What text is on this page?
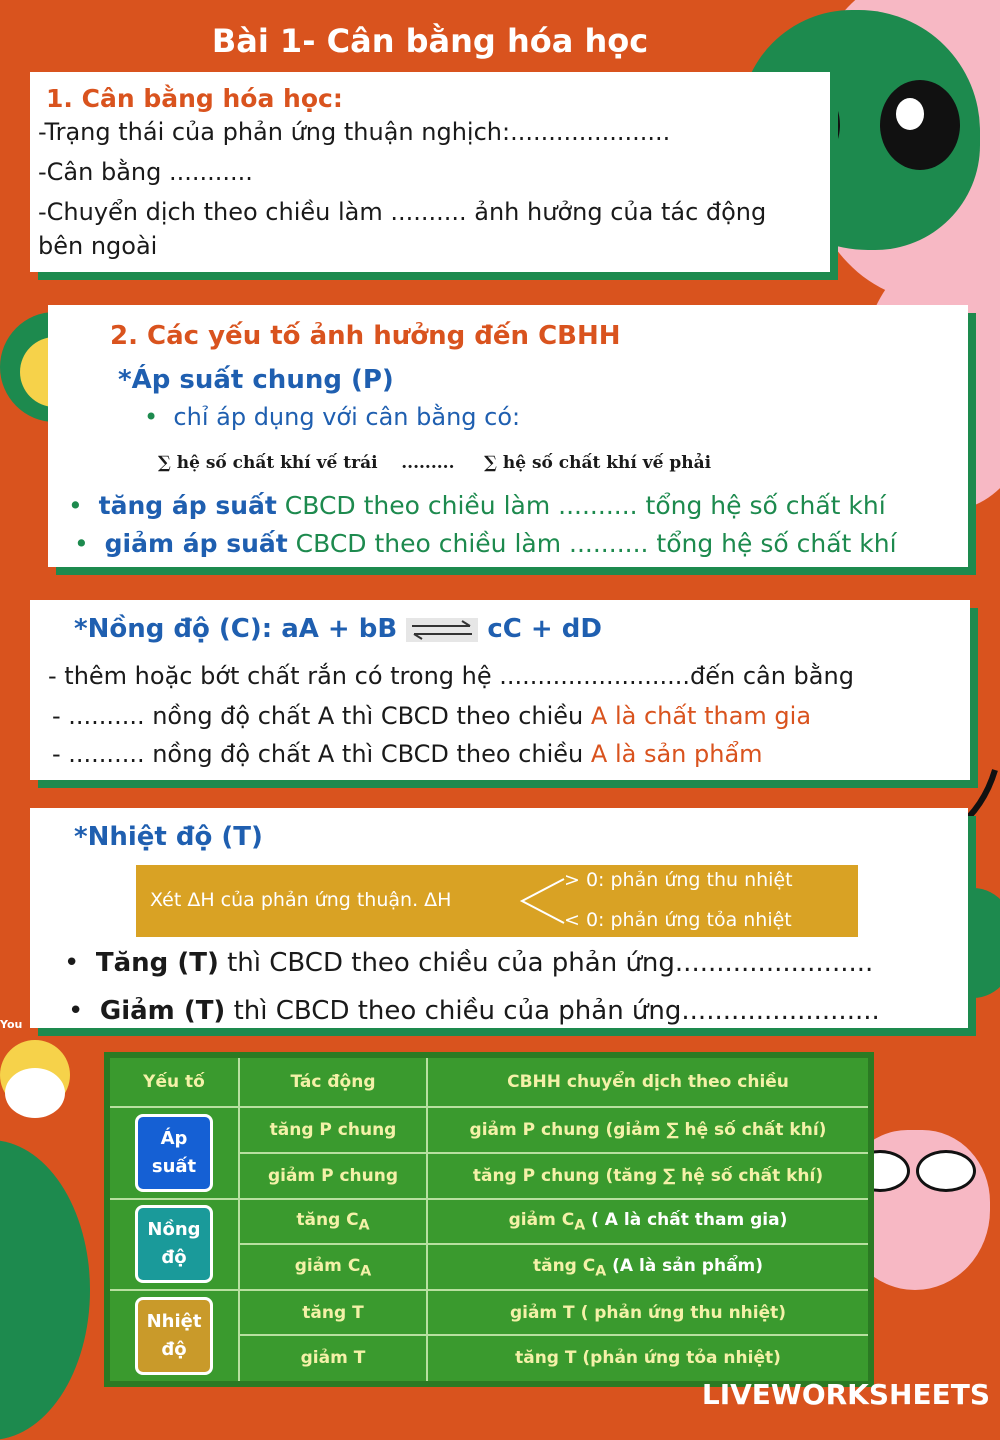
You
Bài 1- Cân bằng hóa học
1. Cân bằng hóa học:
-Trạng thái của phản ứng thuận nghịch:.....................
-Cân bằng ...........
-Chuyển dịch theo chiều làm .......... ảnh hưởng của tác động
bên ngoài
2. Các yếu tố ảnh hưởng đến CBHH
*Áp suất chung (P)
• chỉ áp dụng với cân bằng có:
∑ hệ số chất khí vế trái ......... ∑ hệ số chất khí vế phải
•  tăng áp suất CBCD theo chiều làm .......... tổng hệ số chất khí
•  giảm áp suất CBCD theo chiều làm .......... tổng hệ số chất khí
*Nồng độ (C): aA + bB	cC + dD
- thêm hoặc bớt chất rắn có trong hệ .........................đến cân bằng
- .......... nồng độ chất A thì CBCD theo chiều A là chất tham gia
- .......... nồng độ chất A thì CBCD theo chiều A là sản phẩm
*Nhiệt độ (T)
Xét ΔH của phản ứng thuận. ΔH
> 0: phản ứng thu nhiệt
< 0: phản ứng tỏa nhiệt
•  Tăng (T) thì CBCD theo chiều của phản ứng........................
•  Giảm (T) thì CBCD theo chiều của phản ứng........................
Yếu tố	Tác động	CBHH chuyển dịch theo chiều
Áp suất	tăng P chung	giảm P chung (giảm ∑ hệ số chất khí)
	giảm P chung	tăng P chung (tăng ∑ hệ số chất khí)
Nồng độ	tăng $C_A$	giảm $C_A$ ( A là chất tham gia)
	giảm $C_A$	tăng $C_A$ (A là sản phẩm)
Nhiệt độ	tăng T	giảm T ( phản ứng thu nhiệt)
	giảm T	tăng T (phản ứng tỏa nhiệt)
LIVEWORKSHEETS
